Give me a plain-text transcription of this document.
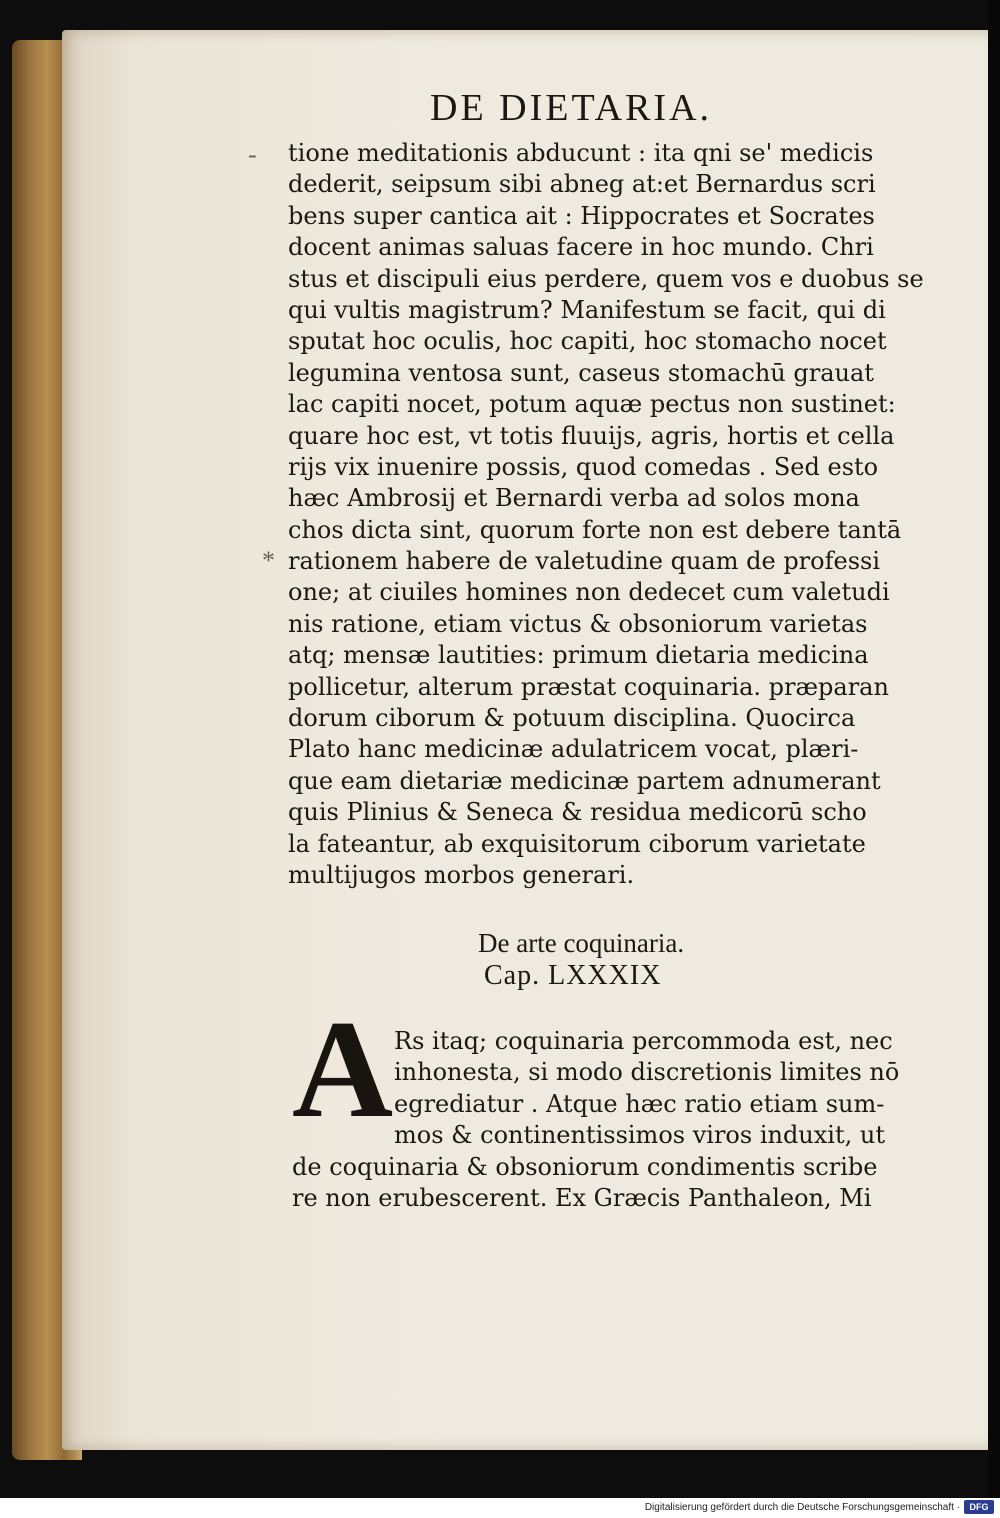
DE DIETARIA.
-
*
tione meditationis abducunt : ita qni se' medicis
dederit, seipsum sibi abneg at:et Bernardus scri
bens super cantica ait : Hippocrates et Socrates
docent animas saluas facere in hoc mundo. Chri
stus et discipuli eius perdere, quem vos e duobus se
qui vultis magistrum? Manifestum se facit, qui di
sputat hoc oculis, hoc capiti, hoc stomacho nocet
legumina ventosa sunt, caseus stomachū grauat
lac capiti nocet, potum aquæ pectus non sustinet:
quare hoc est, vt totis fluuijs, agris, hortis et cella
rijs vix inuenire possis, quod comedas . Sed esto
hæc Ambrosij et Bernardi verba ad solos mona
chos dicta sint, quorum forte non est debere tantā
rationem habere de valetudine quam de professi
one; at ciuiles homines non dedecet cum valetudi
nis ratione, etiam victus & obsoniorum varietas
atq; mensæ lautities: primum dietaria medicina
pollicetur, alterum præstat coquinaria. præparan
dorum ciborum & potuum disciplina. Quocirca
Plato hanc medicinæ adulatricem vocat, plæri-
que eam dietariæ medicinæ partem adnumerant
quis Plinius & Seneca & residua medicorū scho
la fateantur, ab exquisitorum ciborum varietate
multijugos morbos generari.
De arte coquinaria.
Cap. LXXXIX
A Rs itaq; coquinaria percommoda est, nec
inhonesta, si modo discretionis limites nō
egrediatur . Atque hæc ratio etiam sum-
mos & continentissimos viros induxit, ut
de coquinaria & obsoniorum condimentis scribe
re non erubescerent. Ex Græcis Panthaleon, Mi
Digitalisierung gefördert durch die Deutsche Forschungsgemeinschaft ·	DFG
